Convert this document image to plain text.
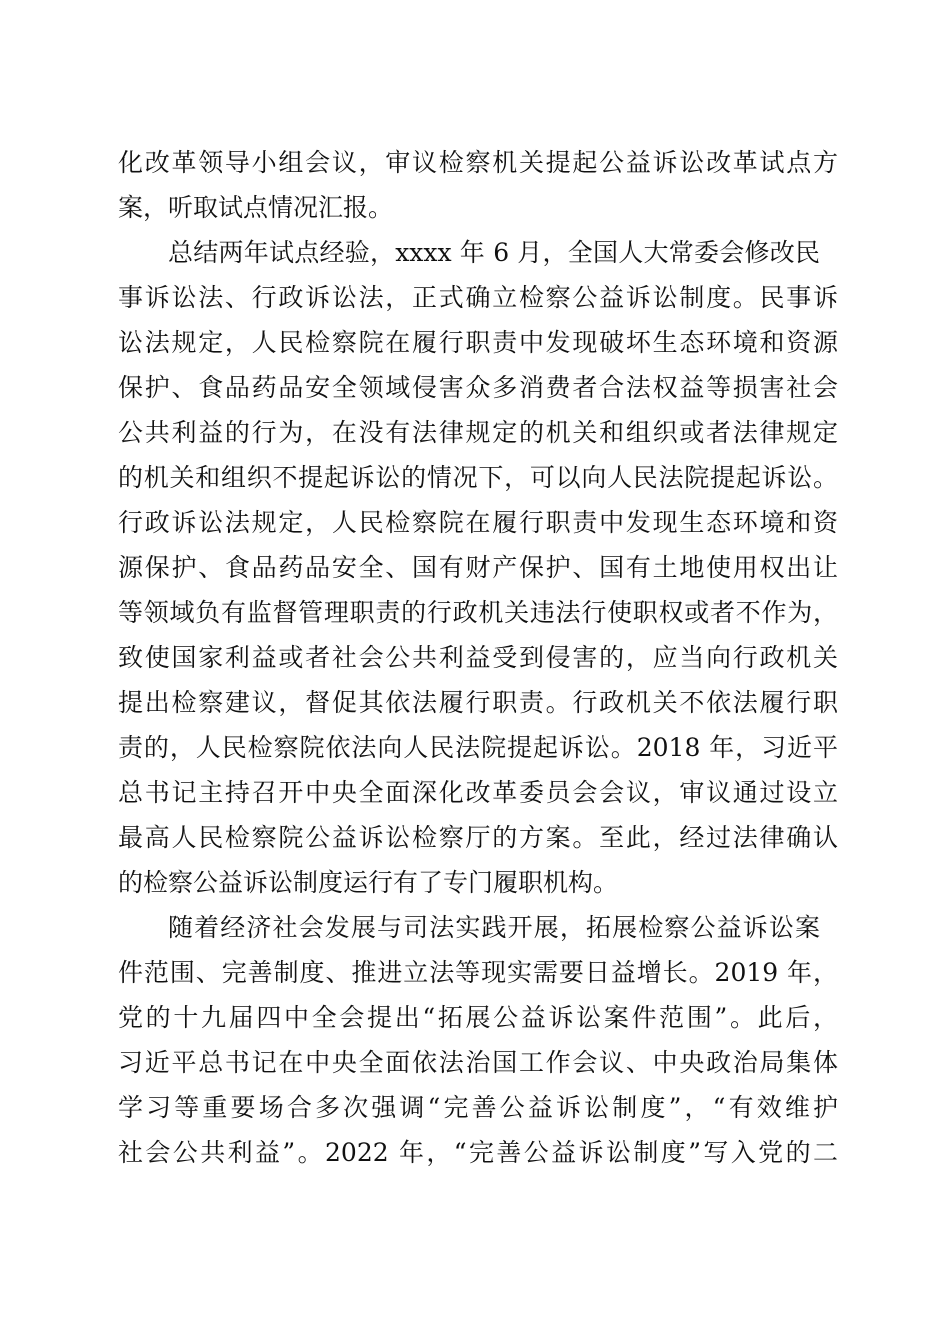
化改革领导小组会议，审议检察机关提起公益诉讼改革试点方
案，听取试点情况汇报。
总结两年试点经验，xxxx 年 6 月，全国人大常委会修改民
事诉讼法、行政诉讼法，正式确立检察公益诉讼制度。民事诉
讼法规定，人民检察院在履行职责中发现破坏生态环境和资源
保护、食品药品安全领域侵害众多消费者合法权益等损害社会
公共利益的行为，在没有法律规定的机关和组织或者法律规定
的机关和组织不提起诉讼的情况下，可以向人民法院提起诉讼。
行政诉讼法规定，人民检察院在履行职责中发现生态环境和资
源保护、食品药品安全、国有财产保护、国有土地使用权出让
等领域负有监督管理职责的行政机关违法行使职权或者不作为，
致使国家利益或者社会公共利益受到侵害的，应当向行政机关
提出检察建议，督促其依法履行职责。行政机关不依法履行职
责的，人民检察院依法向人民法院提起诉讼。2018 年，习近平
总书记主持召开中央全面深化改革委员会会议，审议通过设立
最高人民检察院公益诉讼检察厅的方案。至此，经过法律确认
的检察公益诉讼制度运行有了专门履职机构。
随着经济社会发展与司法实践开展，拓展检察公益诉讼案
件范围、完善制度、推进立法等现实需要日益增长。2019 年，
党的十九届四中全会提出“拓展公益诉讼案件范围”。此后，
习近平总书记在中央全面依法治国工作会议、中央政治局集体
学习等重要场合多次强调“完善公益诉讼制度”，“有效维护
社会公共利益”。2022 年，“完善公益诉讼制度”写入党的二
